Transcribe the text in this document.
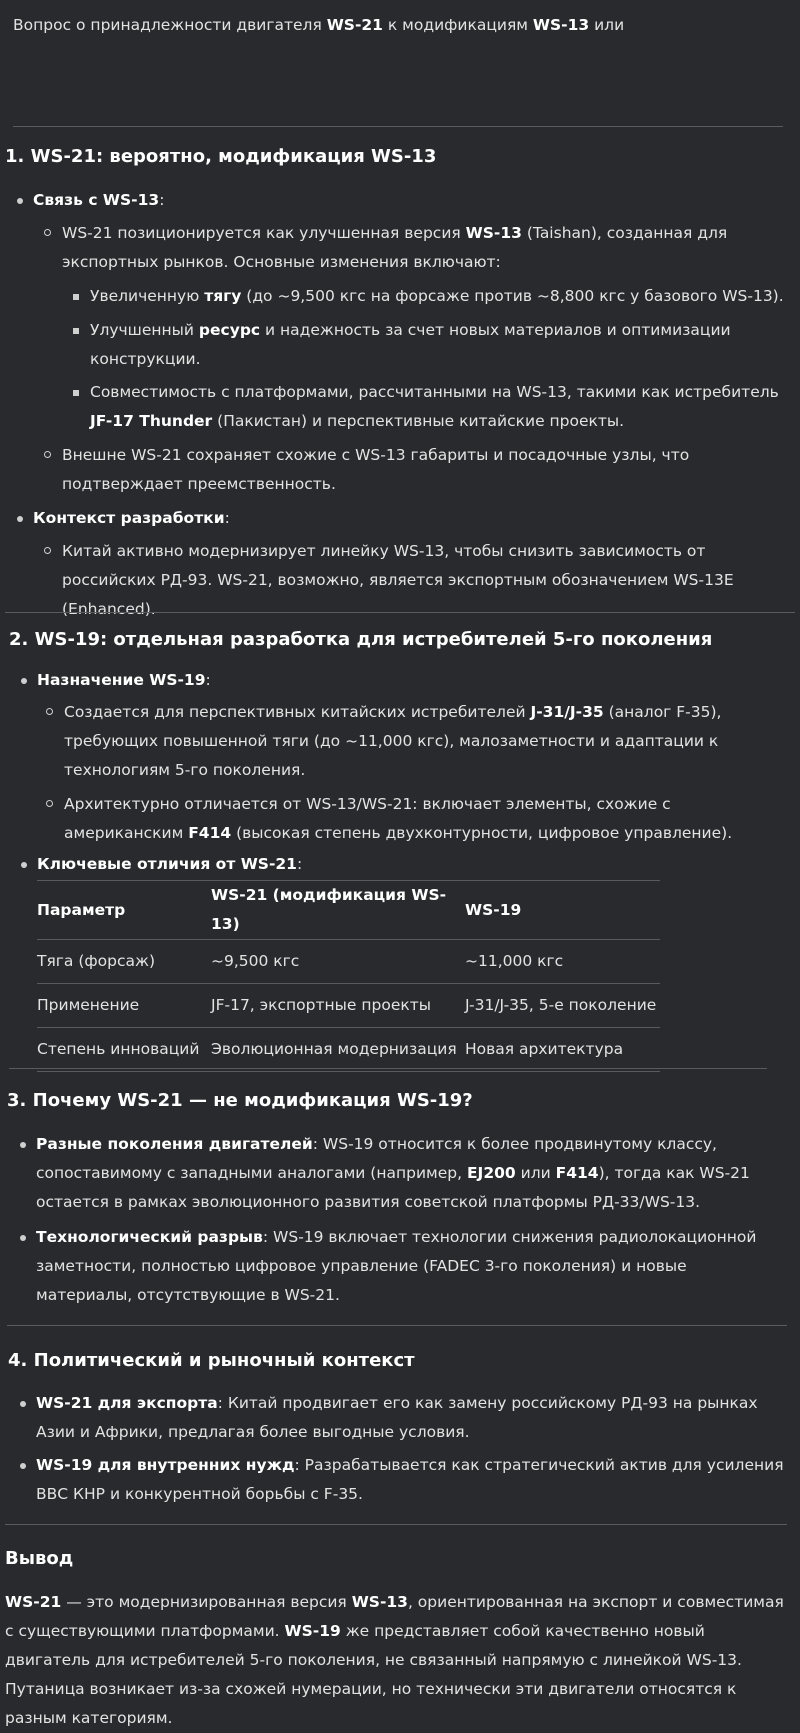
Вопрос о принадлежности двигателя WS-21 к модификациям WS-13 или

1. WS-21: вероятно, модификация WS-13
Связь с WS-13:
WS-21 позиционируется как улучшенная версия WS-13 (Taishan), созданная для экспортных рынков. Основные изменения включают:
Увеличенную тягу (до ~9,500 кгс на форсаже против ~8,800 кгс у базового WS-13).
Улучшенный ресурс и надежность за счет новых материалов и оптимизации конструкции.
Совместимость с платформами, рассчитанными на WS-13, такими как истребитель JF-17 Thunder (Пакистан) и перспективные китайские проекты.
Внешне WS-21 сохраняет схожие с WS-13 габариты и посадочные узлы, что подтверждает преемственность.
Контекст разработки:
Китай активно модернизирует линейку WS-13, чтобы снизить зависимость от российских РД-93. WS-21, возможно, является экспортным обозначением WS-13E (Enhanced).
2. WS-19: отдельная разработка для истребителей 5-го поколения
Назначение WS-19:
Создается для перспективных китайских истребителей J-31/J-35 (аналог F-35), требующих повышенной тяги (до ~11,000 кгс), малозаметности и адаптации к технологиям 5-го поколения.
Архитектурно отличается от WS-13/WS-21: включает элементы, схожие с американским F414 (высокая степень двухконтурности, цифровое управление).
Ключевые отличия от WS-21:
Параметр	WS-21 (модификация WS-13)	WS-19
Тяга (форсаж)	~9,500 кгс	~11,000 кгс
Применение	JF-17, экспортные проекты	J-31/J-35, 5-е поколение
Степень инноваций	Эволюционная модернизация	Новая архитектура
3. Почему WS-21 — не модификация WS-19?
Разные поколения двигателей: WS-19 относится к более продвинутому классу, сопоставимому с западными аналогами (например, EJ200 или F414), тогда как WS-21 остается в рамках эволюционного развития советской платформы РД-33/WS-13.
Технологический разрыв: WS-19 включает технологии снижения радиолокационной заметности, полностью цифровое управление (FADEC 3-го поколения) и новые материалы, отсутствующие в WS-21.
4. Политический и рыночный контекст
WS-21 для экспорта: Китай продвигает его как замену российскому РД-93 на рынках Азии и Африки, предлагая более выгодные условия.
WS-19 для внутренних нужд: Разрабатывается как стратегический актив для усиления ВВС КНР и конкурентной борьбы с F-35.
Вывод

WS-21 — это модернизированная версия WS-13, ориентированная на экспорт и совместимая с существующими платформами. WS-19 же представляет собой качественно новый двигатель для истребителей 5-го поколения, не связанный напрямую с линейкой WS-13. Путаница возникает из-за схожей нумерации, но технически эти двигатели относятся к разным категориям.
